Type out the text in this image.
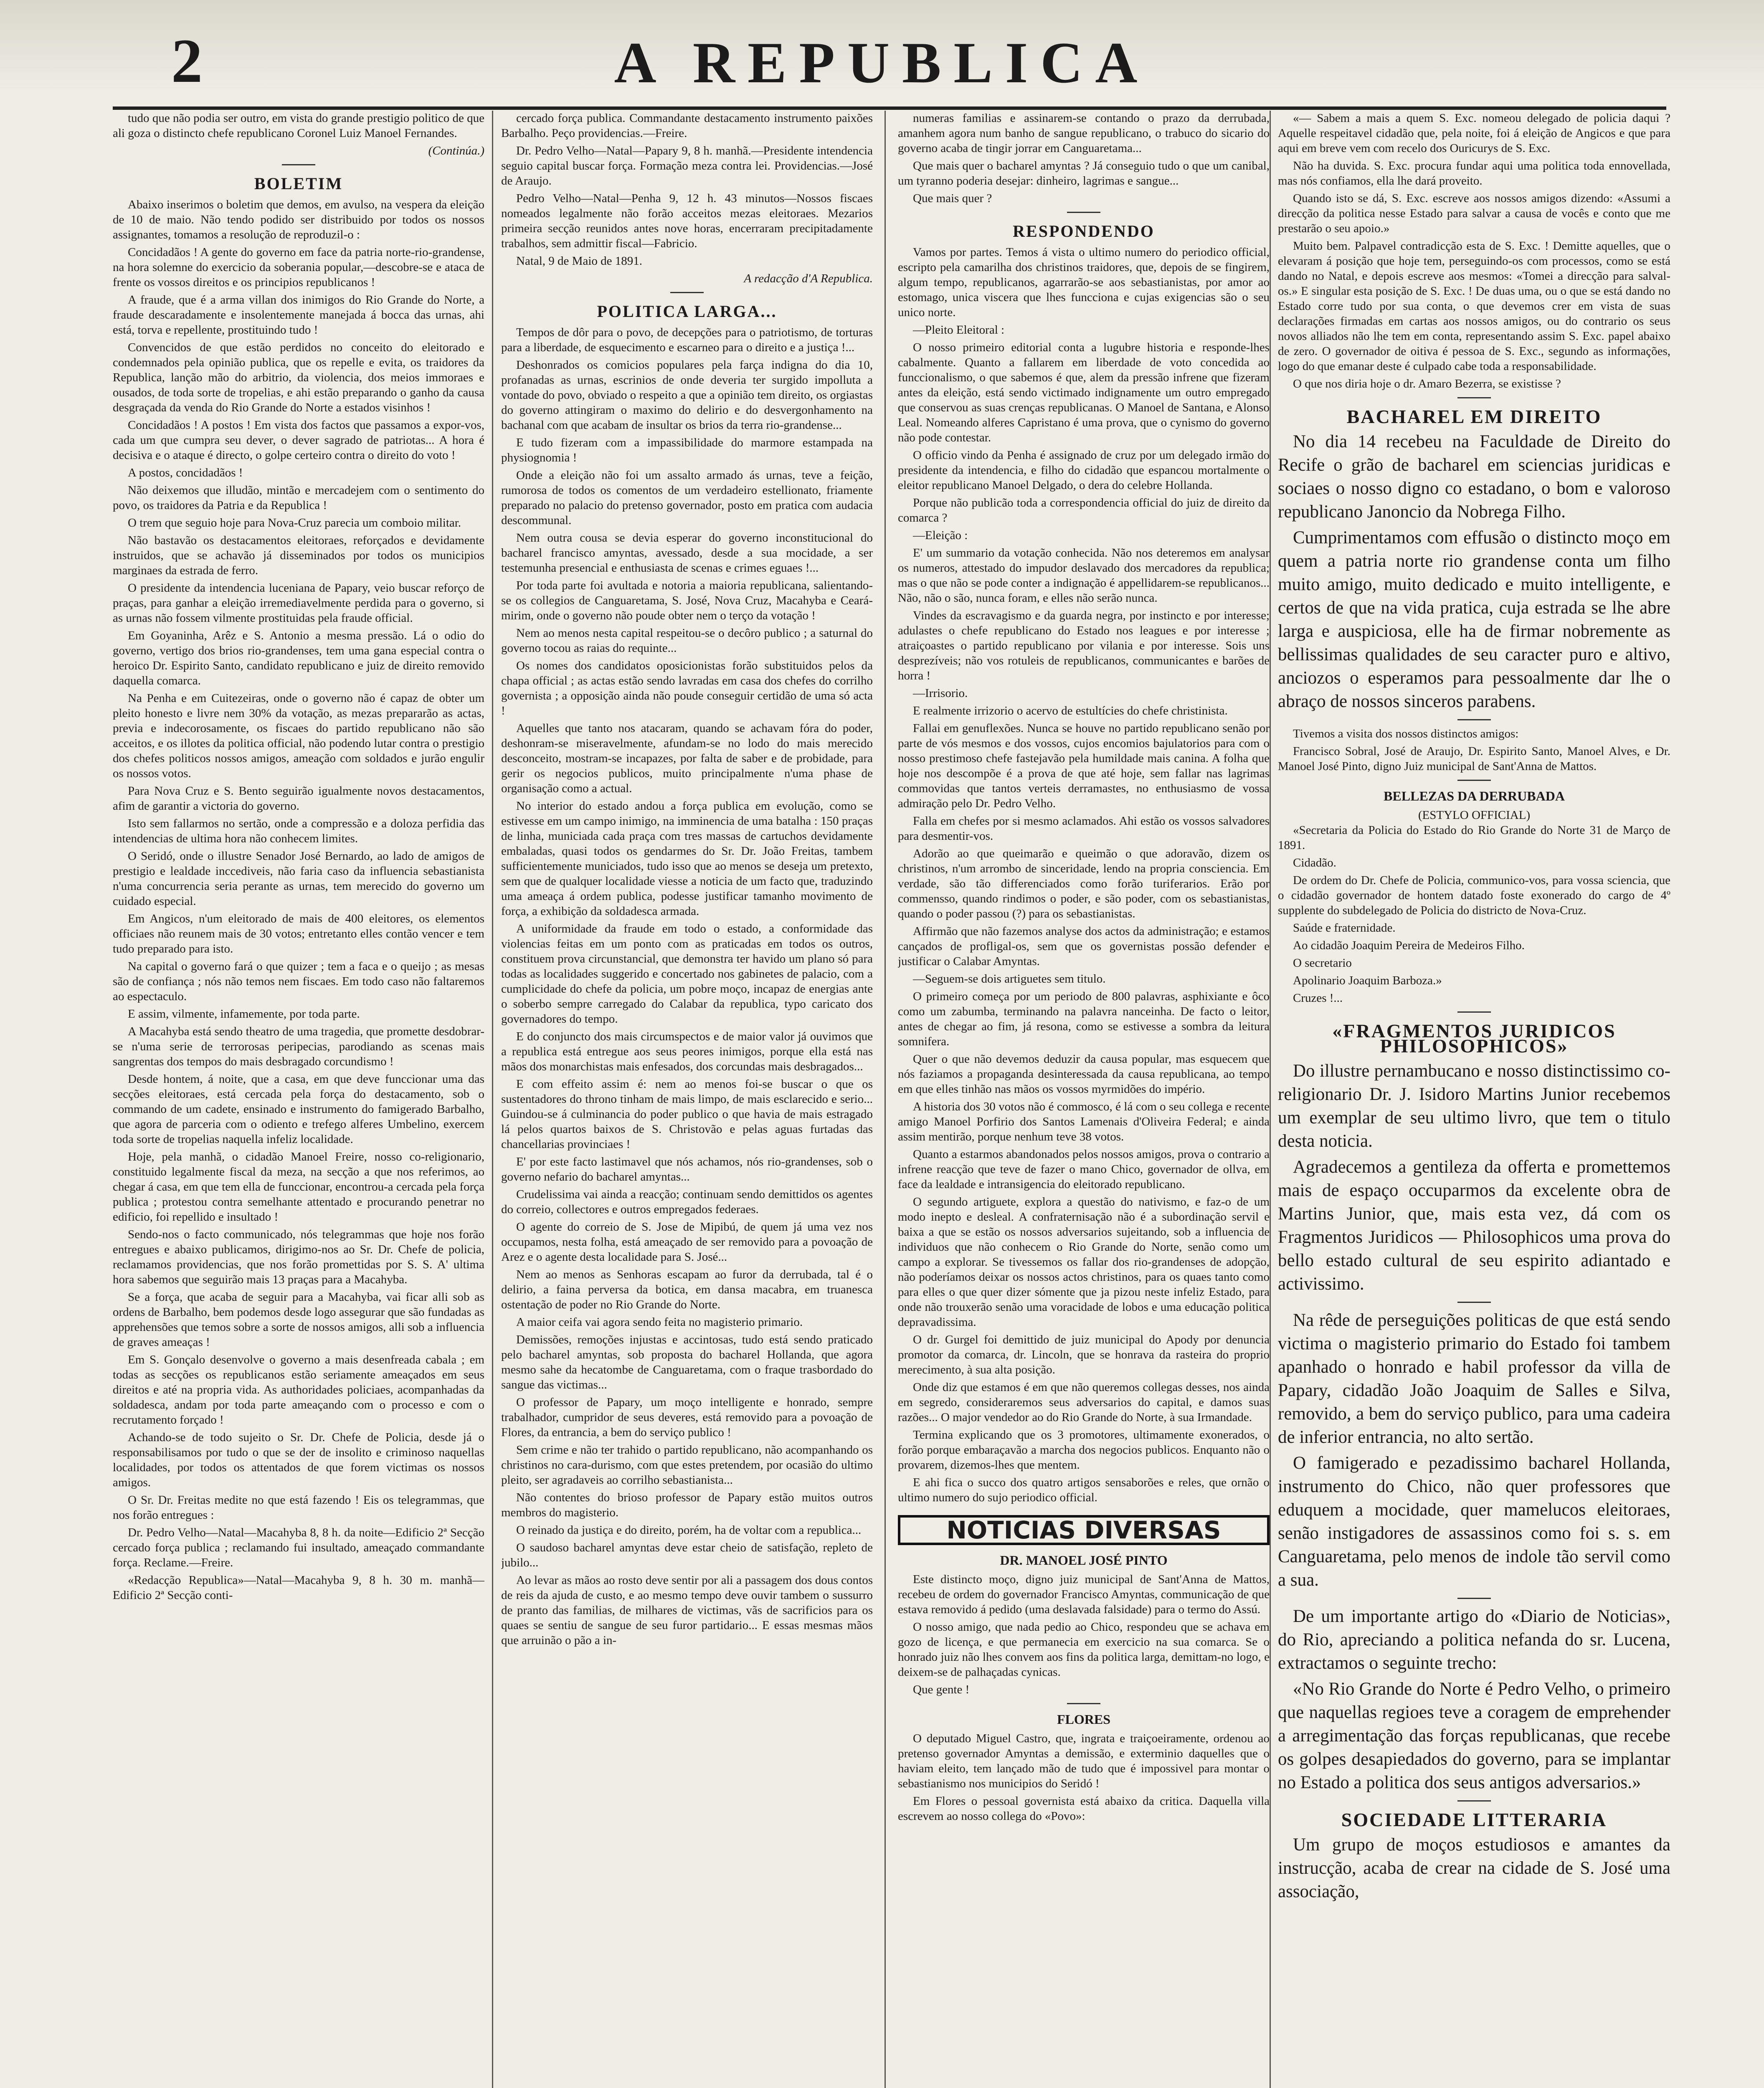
2	A REPUBLICA

tudo que não podia ser outro, em vista do grande prestigio politico de que ali goza o distincto chefe republicano Coronel Luiz Manoel Fernandes.

(Continúa.)
BOLETIM

Abaixo inserimos o boletim que demos, em avulso, na vespera da eleição de 10 de maio. Não tendo podido ser distribuido por todos os nossos assignantes, tomamos a resolução de reproduzil-o :

Concidadãos ! A gente do governo em face da patria norte-rio-grandense, na hora solemne do exercicio da soberania popular,—descobre-se e ataca de frente os vossos direitos e os principios republicanos !

A fraude, que é a arma villan dos inimigos do Rio Grande do Norte, a fraude descaradamente e insolentemente manejada á bocca das urnas, ahi está, torva e repellente, prostituindo tudo !

Convencidos de que estão perdidos no conceito do eleitorado e condemnados pela opinião publica, que os repelle e evita, os traidores da Republica, lanção mão do arbitrio, da violencia, dos meios immoraes e ousados, de toda sorte de tropelias, e ahi estão preparando o ganho da causa desgraçada da venda do Rio Grande do Norte a estados visinhos !

Concidadãos ! A postos ! Em vista dos factos que passamos a expor-vos, cada um que cumpra seu dever, o dever sagrado de patriotas... A hora é decisiva e o ataque é directo, o golpe certeiro contra o direito do voto !

A postos, concidadãos !

Não deixemos que illudão, mintão e mercadejem com o sentimento do povo, os traidores da Patria e da Republica !

O trem que seguio hoje para Nova-Cruz parecia um comboio militar.

Não bastavão os destacamentos eleitoraes, reforçados e devidamente instruidos, que se achavão já disseminados por todos os municipios marginaes da estrada de ferro.

O presidente da intendencia luceniana de Papary, veio buscar reforço de praças, para ganhar a eleição irremediavelmente perdida para o governo, si as urnas não fossem vilmente prostituidas pela fraude official.

Em Goyaninha, Arêz e S. Antonio a mesma pressão. Lá o odio do governo, vertigo dos brios rio-grandenses, tem uma gana especial contra o heroico Dr. Espirito Santo, candidato republicano e juiz de direito removido daquella comarca.

Na Penha e em Cuitezeiras, onde o governo não é capaz de obter um pleito honesto e livre nem 30% da votação, as mezas prepararão as actas, previa e indecorosamente, os fiscaes do partido republicano não são acceitos, e os illotes da politica official, não podendo lutar contra o prestigio dos chefes politicos nossos amigos, ameação com soldados e jurão engulir os nossos votos.

Para Nova Cruz e S. Bento seguirão igualmente novos destacamentos, afim de garantir a victoria do governo.

Isto sem fallarmos no sertão, onde a compressão e a doloza perfidia das intendencias de ultima hora não conhecem limites.

O Seridó, onde o illustre Senador José Bernardo, ao lado de amigos de prestigio e lealdade inccediveis, não faria caso da influencia sebastianista n'uma concurrencia seria perante as urnas, tem merecido do governo um cuidado especial.

Em Angicos, n'um eleitorado de mais de 400 eleitores, os elementos officiaes não reunem mais de 30 votos; entretanto elles contão vencer e tem tudo preparado para isto.

Na capital o governo fará o que quizer ; tem a faca e o queijo ; as mesas são de confiança ; nós não temos nem fiscaes. Em todo caso não faltaremos ao espectaculo.

E assim, vilmente, infamemente, por toda parte.

A Macahyba está sendo theatro de uma tragedia, que promette desdobrar-se n'uma serie de terrorosas peripecias, parodiando as scenas mais sangrentas dos tempos do mais desbragado corcundismo !

Desde hontem, á noite, que a casa, em que deve funccionar uma das secções eleitoraes, está cercada pela força do destacamento, sob o commando de um cadete, ensinado e instrumento do famigerado Barbalho, que agora de parceria com o odiento e trefego alferes Umbelino, exercem toda sorte de tropelias naquella infeliz localidade.

Hoje, pela manhã, o cidadão Manoel Freire, nosso co-religionario, constituido legalmente fiscal da meza, na secção a que nos referimos, ao chegar á casa, em que tem ella de funccionar, encontrou-a cercada pela força publica ; protestou contra semelhante attentado e procurando penetrar no edificio, foi repellido e insultado !

Sendo-nos o facto communicado, nós telegrammas que hoje nos forão entregues e abaixo publicamos, dirigimo-nos ao Sr. Dr. Chefe de policia, reclamamos providencias, que nos forão promettidas por S. S. A' ultima hora sabemos que seguirão mais 13 praças para a Macahyba.

Se a força, que acaba de seguir para a Macahyba, vai ficar alli sob as ordens de Barbalho, bem podemos desde logo assegurar que são fundadas as apprehensões que temos sobre a sorte de nossos amigos, alli sob a influencia de graves ameaças !

Em S. Gonçalo desenvolve o governo a mais desenfreada cabala ; em todas as secções os republicanos estão seriamente ameaçados em seus direitos e até na propria vida. As authoridades policiaes, acompanhadas da soldadesca, andam por toda parte ameaçando com o processo e com o recrutamento forçado !

Achando-se de todo sujeito o Sr. Dr. Chefe de Policia, desde já o responsabilisamos por tudo o que se der de insolito e criminoso naquellas localidades, por todos os attentados de que forem victimas os nossos amigos.

O Sr. Dr. Freitas medite no que está fazendo ! Eis os telegrammas, que nos forão entregues :

Dr. Pedro Velho—Natal—Macahyba 8, 8 h. da noite—Edificio 2ª Secção cercado força publica ; reclamando fui insultado, ameaçado commandante força. Reclame.—Freire.

«Redacção Republica»—Natal—Macahyba 9, 8 h. 30 m. manhã—Edificio 2ª Secção conti-

cercado força publica. Commandante destacamento instrumento paixões Barbalho. Peço providencias.—Freire.

Dr. Pedro Velho—Natal—Papary 9, 8 h. manhã.—Presidente intendencia seguio capital buscar força. Formação meza contra lei. Providencias.—José de Araujo.

Pedro Velho—Natal—Penha 9, 12 h. 43 minutos—Nossos fiscaes nomeados legalmente não forão acceitos mezas eleitoraes. Mezarios primeira secção reunidos antes nove horas, encerraram precipitadamente trabalhos, sem admittir fiscal—Fabricio.

Natal, 9 de Maio de 1891.

A redacção d'A Republica.
POLITICA LARGA...

Tempos de dôr para o povo, de decepções para o patriotismo, de torturas para a liberdade, de esquecimento e escarneo para o direito e a justiça !...

Deshonrados os comicios populares pela farça indigna do dia 10, profanadas as urnas, escrinios de onde deveria ter surgido impolluta a vontade do povo, obviado o respeito a que a opinião tem direito, os orgiastas do governo attingiram o maximo do delirio e do desvergonhamento na bachanal com que acabam de insultar os brios da terra rio-grandense...

E tudo fizeram com a impassibilidade do marmore estampada na physiognomia !

Onde a eleição não foi um assalto armado ás urnas, teve a feição, rumorosa de todos os comentos de um verdadeiro estellionato, friamente preparado no palacio do pretenso governador, posto em pratica com audacia descommunal.

Nem outra cousa se devia esperar do governo inconstitucional do bacharel francisco amyntas, avessado, desde a sua mocidade, a ser testemunha presencial e enthusiasta de scenas e crimes eguaes !...

Por toda parte foi avultada e notoria a maioria republicana, salientando-se os collegios de Canguaretama, S. José, Nova Cruz, Macahyba e Ceará-mirim, onde o governo não poude obter nem o terço da votação !

Nem ao menos nesta capital respeitou-se o decôro publico ; a saturnal do governo tocou as raias do requinte...

Os nomes dos candidatos oposicionistas forão substituidos pelos da chapa official ; as actas estão sendo lavradas em casa dos chefes do corrilho governista ; a opposição ainda não poude conseguir certidão de uma só acta !

Aquelles que tanto nos atacaram, quando se achavam fóra do poder, deshonram-se miseravelmente, afundam-se no lodo do mais merecido desconceito, mostram-se incapazes, por falta de saber e de probidade, para gerir os negocios publicos, muito principalmente n'uma phase de organisação como a actual.

No interior do estado andou a força publica em evolução, como se estivesse em um campo inimigo, na imminencia de uma batalha : 150 praças de linha, municiada cada praça com tres massas de cartuchos devidamente embaladas, quasi todos os gendarmes do Sr. Dr. João Freitas, tambem sufficientemente municiados, tudo isso que ao menos se deseja um pretexto, sem que de qualquer localidade viesse a noticia de um facto que, traduzindo uma ameaça á ordem publica, podesse justificar tamanho movimento de força, a exhibição da soldadesca armada.

A uniformidade da fraude em todo o estado, a conformidade das violencias feitas em um ponto com as praticadas em todos os outros, constituem prova circunstancial, que demonstra ter havido um plano só para todas as localidades suggerido e concertado nos gabinetes de palacio, com a cumplicidade do chefe da policia, um pobre moço, incapaz de energias ante o soberbo sempre carregado do Calabar da republica, typo caricato dos governadores do tempo.

E do conjuncto dos mais circumspectos e de maior valor já ouvimos que a republica está entregue aos seus peores inimigos, porque ella está nas mãos dos monarchistas mais enfesados, dos corcundas mais desbragados...

E com effeito assim é: nem ao menos foi-se buscar o que os sustentadores do throno tinham de mais limpo, de mais esclarecido e serio... Guindou-se á culminancia do poder publico o que havia de mais estragado lá pelos quartos baixos de S. Christovão e pelas aguas furtadas das chancellarias provinciaes !

E' por este facto lastimavel que nós achamos, nós rio-grandenses, sob o governo nefario do bacharel amyntas...

Crudelissima vai ainda a reacção; continuam sendo demittidos os agentes do correio, collectores e outros empregados federaes.

O agente do correio de S. Jose de Mipibú, de quem já uma vez nos occupamos, nesta folha, está ameaçado de ser removido para a povoação de Arez e o agente desta localidade para S. José...

Nem ao menos as Senhoras escapam ao furor da derrubada, tal é o delirio, a faina perversa da botica, em dansa macabra, em truanesca ostentação de poder no Rio Grande do Norte.

A maior ceifa vai agora sendo feita no magisterio primario.

Demissões, remoções injustas e accintosas, tudo está sendo praticado pelo bacharel amyntas, sob proposta do bacharel Hollanda, que agora mesmo sahe da hecatombe de Canguaretama, com o fraque trasbordado do sangue das victimas...

O professor de Papary, um moço intelligente e honrado, sempre trabalhador, cumpridor de seus deveres, está removido para a povoação de Flores, da entrancia, a bem do serviço publico !

Sem crime e não ter trahido o partido republicano, não acompanhando os christinos no cara-durismo, com que estes pretendem, por ocasião do ultimo pleito, ser agradaveis ao corrilho sebastianista...

Não contentes do brioso professor de Papary estão muitos outros membros do magisterio.

O reinado da justiça e do direito, porém, ha de voltar com a republica...

O saudoso bacharel amyntas deve estar cheio de satisfação, repleto de jubilo...

Ao levar as mãos ao rosto deve sentir por ali a passagem dos dous contos de reis da ajuda de custo, e ao mesmo tempo deve ouvir tambem o sussurro de pranto das familias, de milhares de victimas, vãs de sacrificios para os quaes se sentiu de sangue de seu furor partidario... E essas mesmas mãos que arruinão o pão a in-

numeras familias e assinarem-se contando o prazo da derrubada, amanhem agora num banho de sangue republicano, o trabuco do sicario do governo acaba de tingir jorrar em Canguaretama...

Que mais quer o bacharel amyntas ? Já conseguio tudo o que um canibal, um tyranno poderia desejar: dinheiro, lagrimas e sangue...

Que mais quer ?

RESPONDENDO

Vamos por partes. Temos á vista o ultimo numero do periodico official, escripto pela camarilha dos christinos traidores, que, depois de se fingirem, algum tempo, republicanos, agarrarão-se aos sebastianistas, por amor ao estomago, unica viscera que lhes funcciona e cujas exigencias são o seu unico norte.

—Pleito Eleitoral :

O nosso primeiro editorial conta a lugubre historia e responde-lhes cabalmente. Quanto a fallarem em liberdade de voto concedida ao funccionalismo, o que sabemos é que, alem da pressão infrene que fizeram antes da eleição, está sendo victimado indignamente um outro empregado que conservou as suas crenças republicanas. O Manoel de Santana, e Alonso Leal. Nomeando alferes Capristano é uma prova, que o cynismo do governo não pode contestar.

O officio vindo da Penha é assignado de cruz por um delegado irmão do presidente da intendencia, e filho do cidadão que espancou mortalmente o eleitor republicano Manoel Delgado, o dera do celebre Hollanda.

Porque não publicão toda a correspondencia official do juiz de direito da comarca ?

—Eleição :

E' um summario da votação conhecida. Não nos deteremos em analysar os numeros, attestado do impudor deslavado dos mercadores da republica; mas o que não se pode conter a indignação é appellidarem-se republicanos... Não, não o são, nunca foram, e elles não serão nunca.

Vindes da escravagismo e da guarda negra, por instincto e por interesse; adulastes o chefe republicano do Estado nos leagues e por interesse ; atraiçoastes o partido republicano por vilania e por interesse. Sois uns desprezíveis; não vos rotuleis de republicanos, communicantes e barões de horra !

—Irrisorio.

E realmente irrizorio o acervo de estultícies do chefe christinista.

Fallai em genuflexões. Nunca se houve no partido republicano senão por parte de vós mesmos e dos vossos, cujos encomios bajulatorios para com o nosso prestimoso chefe fastejavão pela humildade mais canina. A folha que hoje nos descompõe é a prova de que até hoje, sem fallar nas lagrimas commovidas que tantos verteis derramastes, no enthusiasmo de vossa admiração pelo Dr. Pedro Velho.

Falla em chefes por si mesmo aclamados. Ahi estão os vossos salvadores para desmentir-vos.

Adorão ao que queimarão e queimão o que adoravão, dizem os christinos, n'um arrombo de sinceridade, lendo na propria consciencia. Em verdade, são tão differenciados como forão turiferarios. Erão por commensso, quando rindimos o poder, e são poder, com os sebastianistas, quando o poder passou (?) para os sebastianistas.

Affirmão que não fazemos analyse dos actos da administração; e estamos cançados de profligal-os, sem que os governistas possão defender e justificar o Calabar Amyntas.

—Seguem-se dois artiguetes sem titulo.

O primeiro começa por um periodo de 800 palavras, asphixiante e ôco como um zabumba, terminando na palavra nanceinha. De facto o leitor, antes de chegar ao fim, já resona, como se estivesse a sombra da leitura somnifera.

Quer o que não devemos deduzir da causa popular, mas esquecem que nós faziamos a propaganda desinteressada da causa republicana, ao tempo em que elles tinhão nas mãos os vossos myrmidões do império.

A historia dos 30 votos não é commosco, é lá com o seu collega e recente amigo Manoel Porfirio dos Santos Lamenais d'Oliveira Federal; e ainda assim mentirão, porque nenhum teve 38 votos.

Quanto a estarmos abandonados pelos nossos amigos, prova o contrario a infrene reacção que teve de fazer o mano Chico, governador de ollva, em face da lealdade e intransigencia do eleitorado republicano.

O segundo artiguete, explora a questão do nativismo, e faz-o de um modo inepto e desleal. A confraternisação não é a subordinação servil e baixa a que se estão os nossos adversarios sujeitando, sob a influencia de individuos que não conhecem o Rio Grande do Norte, senão como um campo a explorar. Se tivessemos os fallar dos rio-grandenses de adopção, não poderíamos deixar os nossos actos christinos, para os quaes tanto como para elles o que quer dizer sómente que ja pizou neste infeliz Estado, para onde não trouxerão senão uma voracidade de lobos e uma educação politica depravadissima.

O dr. Gurgel foi demittido de juiz municipal do Apody por denuncia promotor da comarca, dr. Lincoln, que se honrava da rasteira do proprio merecimento, à sua alta posição.

Onde diz que estamos é em que não queremos collegas desses, nos ainda em segredo, consideraremos seus adversarios do capital, e damos suas razões... O major vendedor ao do Rio Grande do Norte, à sua Irmandade.

Termina explicando que os 3 promotores, ultimamente exonerados, o forão porque embaraçavão a marcha dos negocios publicos. Enquanto não o provarem, dizemos-lhes que mentem.

E ahi fica o succo dos quatro artigos sensaborões e reles, que ornão o ultimo numero do sujo periodico official.

NOTICIAS DIVERSAS
DR. MANOEL JOSÉ PINTO

Este distincto moço, digno juiz municipal de Sant'Anna de Mattos, recebeu de ordem do governador Francisco Amyntas, communicação de que estava removido á pedido (uma deslavada falsidade) para o termo do Assú.

O nosso amigo, que nada pedio ao Chico, respondeu que se achava em gozo de licença, e que permanecia em exercicio na sua comarca. Se o honrado juiz não lhes convem aos fins da politica larga, demittam-no logo, e deixem-se de palhaçadas cynicas.

Que gente !

FLORES

O deputado Miguel Castro, que, ingrata e traiçoeiramente, ordenou ao pretenso governador Amyntas a demissão, e exterminio daquelles que o haviam eleito, tem lançado mão de tudo que é impossivel para montar o sebastianismo nos municipios do Seridó !

Em Flores o pessoal governista está abaixo da critica. Daquella villa escrevem ao nosso collega do «Povo»:

«— Sabem a mais a quem S. Exc. nomeou delegado de policia daqui ? Aquelle respeitavel cidadão que, pela noite, foi á eleição de Angicos e que para aqui em breve vem com recelo dos Ouricurys de S. Exc.

Não ha duvida. S. Exc. procura fundar aqui uma politica toda ennovellada, mas nós confiamos, ella lhe dará proveito.

Quando isto se dá, S. Exc. escreve aos nossos amigos dizendo: «Assumi a direcção da politica nesse Estado para salvar a causa de vocês e conto que me prestarão o seu apoio.»

Muito bem. Palpavel contradicção esta de S. Exc. ! Demitte aquelles, que o elevaram á posição que hoje tem, perseguindo-os com processos, como se está dando no Natal, e depois escreve aos mesmos: «Tomei a direcção para salval-os.» E singular esta posição de S. Exc. ! De duas uma, ou o que se está dando no Estado corre tudo por sua conta, o que devemos crer em vista de suas declarações firmadas em cartas aos nossos amigos, ou do contrario os seus novos alliados não lhe tem em conta, representando assim S. Exc. papel abaixo de zero. O governador de oitiva é pessoa de S. Exc., segundo as informações, logo do que emanar deste é culpado cabe toda a responsabilidade.

O que nos diria hoje o dr. Amaro Bezerra, se existisse ?

BACHAREL EM DIREITO

No dia 14 recebeu na Faculdade de Direito do Recife o grão de bacharel em sciencias juridicas e sociaes o nosso digno co estadano, o bom e valoroso republicano Janoncio da Nobrega Filho.

Cumprimentamos com effusão o distincto moço em quem a patria norte rio grandense conta um filho muito amigo, muito dedicado e muito intelligente, e certos de que na vida pratica, cuja estrada se lhe abre larga e auspiciosa, elle ha de firmar nobremente as bellissimas qualidades de seu caracter puro e altivo, anciozos o esperamos para pessoalmente dar lhe o abraço de nossos sinceros parabens.

Tivemos a visita dos nossos distinctos amigos:

Francisco Sobral, José de Araujo, Dr. Espirito Santo, Manoel Alves, e Dr. Manoel José Pinto, digno Juiz municipal de Sant'Anna de Mattos.

BELLEZAS DA DERRUBADA
(ESTYLO OFFICIAL)

«Secretaria da Policia do Estado do Rio Grande do Norte 31 de Março de 1891.

Cidadão.

De ordem do Dr. Chefe de Policia, communico-vos, para vossa sciencia, que o cidadão governador de hontem datado foste exonerado do cargo de 4º supplente do subdelegado de Policia do districto de Nova-Cruz.

Saúde e fraternidade.

Ao cidadão Joaquim Pereira de Medeiros Filho.

O secretario

Apolinario Joaquim Barboza.»

Cruzes !...

«FRAGMENTOS JURIDICOS PHILOSOPHICOS»

Do illustre pernambucano e nosso distinctissimo co-religionario Dr. J. Isidoro Martins Junior recebemos um exemplar de seu ultimo livro, que tem o titulo desta noticia.

Agradecemos a gentileza da offerta e promettemos mais de espaço occuparmos da excelente obra de Martins Junior, que, mais esta vez, dá com os Fragmentos Juridicos — Philosophicos uma prova do bello estado cultural de seu espirito adiantado e activissimo.

Na rêde de perseguições politicas de que está sendo victima o magisterio primario do Estado foi tambem apanhado o honrado e habil professor da villa de Papary, cidadão João Joaquim de Salles e Silva, removido, a bem do serviço publico, para uma cadeira de inferior entrancia, no alto sertão.

O famigerado e pezadissimo bacharel Hollanda, instrumento do Chico, não quer professores que eduquem a mocidade, quer mamelucos eleitoraes, senão instigadores de assassinos como foi s. s. em Canguaretama, pelo menos de indole tão servil como a sua.

De um importante artigo do «Diario de Noticias», do Rio, apreciando a politica nefanda do sr. Lucena, extractamos o seguinte trecho:

«No Rio Grande do Norte é Pedro Velho, o primeiro que naquellas regioes teve a coragem de emprehender a arregimentação das forças republicanas, que recebe os golpes desapiedados do governo, para se implantar no Estado a politica dos seus antigos adversarios.»

SOCIEDADE LITTERARIA

Um grupo de moços estudiosos e amantes da instrucção, acaba de crear na cidade de S. José uma associação,
